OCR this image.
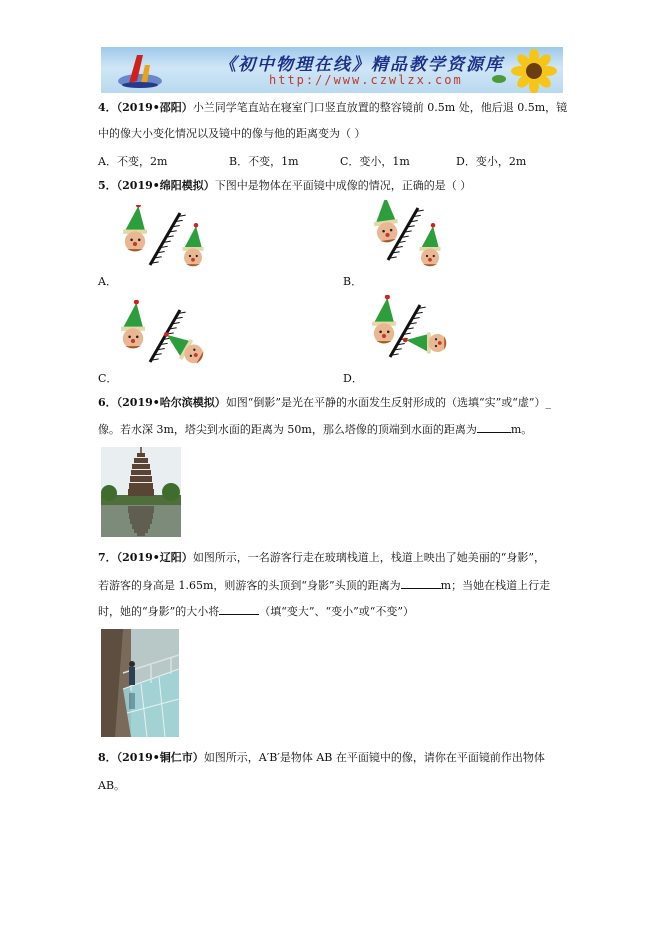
《初中物理在线》精品教学资源库
http://www.czwlzx.com
4．（2019•邵阳）小兰同学笔直站在寝室门口竖直放置的整容镜前 0.5m 处，他后退 0.5m，镜
中的像大小变化情况以及镜中的像与他的距离变为（ ）
A．不变，2m	B．不变，1m	C．变小，1m	D．变小，2m
5．（2019•绵阳模拟）下图中是物体在平面镜中成像的情况，正确的是（ ）
A．	B．
C．	D．
6．（2019•哈尔滨模拟）如图“倒影”是光在平静的水面发生反射形成的（选填“实”或“虚”）_
像。若水深 3m，塔尖到水面的距离为 50m，那么塔像的顶端到水面的距离为	m。
7．（2019•辽阳）如图所示，一名游客行走在玻璃栈道上，栈道上映出了她美丽的“身影”，
若游客的身高是 1.65m，则游客的头顶到“身影”头顶的距离为	m；当她在栈道上行走
时，她的“身影”的大小将	（填“变大”、“变小”或“不变”）
8．（2019•铜仁市）如图所示，A′B′是物体 AB 在平面镜中的像，请你在平面镜前作出物体
AB。
